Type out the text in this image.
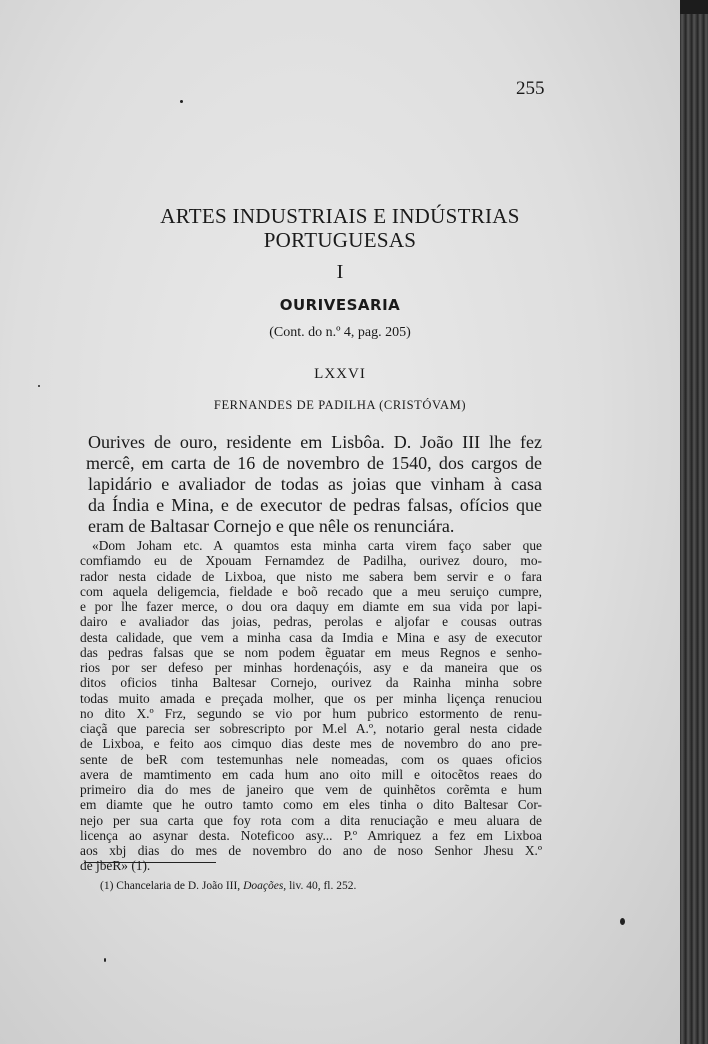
255
ARTES INDUSTRIAIS E INDÚSTRIAS
PORTUGUESAS
I
OURIVESARIA
(Cont. do n.º 4, pag. 205)
LXXVI
FERNANDES DE PADILHA (CRISTÓVAM)
Ourives de ouro, residente em Lisbôa. D. João III lhe fez
mercê, em carta de 16 de novembro de 1540, dos cargos de
lapidário e avaliador de todas as joias que vinham à casa
da Índia e Mina, e de executor de pedras falsas, ofícios que
eram de Baltasar Cornejo e que nêle os renunciára.
«Dom Joham etc. A quamtos esta minha carta virem faço saber que
comfiamdo eu de Xpouam Fernamdez de Padilha, ourivez douro, mo-
rador nesta cidade de Lixboa, que nisto me sabera bem servir e o fara
com aquela deligemcia, fieldade e boõ recado que a meu seruiço cumpre,
e por lhe fazer merce, o dou ora daquy em diamte em sua vida por lapi-
dairo e avaliador das joias, pedras, perolas e aljofar e cousas outras
desta calidade, que vem a minha casa da Imdia e Mina e asy de executor
das pedras falsas que se nom podem ẽguatar em meus Regnos e senho-
rios por ser defeso per minhas hordenaçóis, asy e da maneira que os
ditos oficios tinha Baltesar Cornejo, ourivez da Rainha minha sobre
todas muito amada e preçada molher, que os per minha liçença renuciou
no dito X.º Frz, segundo se vio por hum pubrico estormento de renu-
ciaçã que parecia ser sobrescripto por M.el A.º, notario geral nesta cidade
de Lixboa, e feito aos cimquo dias deste mes de novembro do ano pre-
sente de beR com testemunhas nele nomeadas, com os quaes oficios
avera de mamtimento em cada hum ano oito mill e oitocẽtos reaes do
primeiro dia do mes de janeiro que vem de quinhẽtos corẽmta e hum
em diamte que he outro tamto como em eles tinha o dito Baltesar Cor-
nejo per sua carta que foy rota com a dita renuciação e meu aluara de
licença ao asynar desta. Noteficoo asy... P.º Amriquez a fez em Lixboa
aos xbj dias do mes de novembro do ano de noso Senhor Jhesu X.º
de jbeR» (1).
(1) Chancelaria de D. João III, Doações, liv. 40, fl. 252.
